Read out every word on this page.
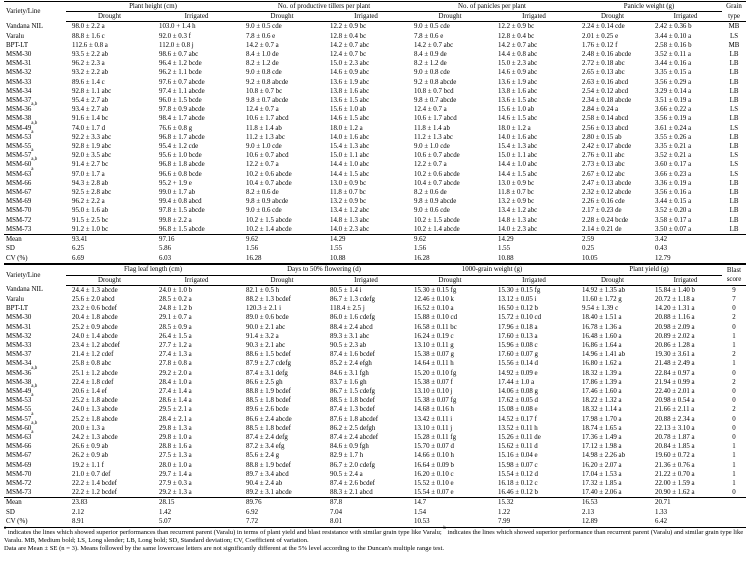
Variety/Line	Plant height (cm)		No. of productive tillers per plant		No. of panicles per plant		Panicle weight (g)		Grain
	Drought	Irrigated	Drought	Irrigated	Drought	Irrigated	Drought	Irrigated	type
Vandana NIL	98.0 ± 2.2 a	103.0 + 1.4 h	9.0 ± 0.5 cde	12.2 ± 0.9 bc	9.0 ± 0.5 cde	12.2 ± 0.9 bc	2.24 ± 0.14 cde	2.42 ± 0.36 b	MB
Varalu	88.8 ± 1.6 c	92.0 ± 0.3 f	7.8 ± 0.6 e	12.8 ± 0.4 bc	7.8 ± 0.6 e	12.8 ± 0.4 bc	2.01 ± 0.25 e	3.44 ± 0.10 a	LS
BPT-LT	112.6 ± 0.8 a	112.0 ± 0.8 j	14.2 ± 0.7 a	14.2 ± 0.7 abc	14.2 ± 0.7 abc	14.2 ± 0.7 abc	1.76 ± 0.12 f	2.58 ± 0.16 b	MB
MSM-30	93.5 ± 2.2 ab	98.6 ± 0.7 abc	8.4 ± 1.0 de	12.4 ± 0.7 bc	8.4 ± 0.9 de	14.4 ± 0.8 abc	2.48 ± 0.16 abcde	3.52 ± 0.11 a	LB
MSM-31	96.2 ± 2.3 a	96.4 ± 1.2 bcde	8.2 ± 1.2 de	15.0 ± 2.3 abc	8.2 ± 1.2 de	15.0 ± 2.3 abc	2.72 ± 0.18 abc	3.44 ± 0.16 a	LB
MSM-32	93.2 ± 2.2 ab	96.2 ± 1.1 bcde	9.0 ± 0.8 cde	14.6 ± 0.9 abc	9.0 ± 0.8 cde	14.6 ± 0.9 abc	2.65 ± 0.13 abc	3.35 ± 0.15 a	LB
MSM-33	89.6 ± 1.4 c	97.6 ± 0.7 abcde	9.2 ± 0.8 abcde	13.6 ± 1.9 abc	9.2 ± 0.8 abcde	13.6 ± 1.9 abc	2.63 ± 0.16 abcd	3.56 ± 0.29 a	LB
MSM-34	92.8 ± 1.1 abc	97.4 ± 1.1 abcde	10.8 ± 0.7 bc	13.8 ± 1.6 abc	10.8 ± 0.7 bcd	13.8 ± 1.6 abc	2.54 ± 0.12 abcd	3.29 ± 0.14 a	LB
MSM-37	95.4 ± 2.7 ab	96.0 ± 1.5 bcde	9.8 ± 0.7 abcde	13.6 ± 1.5 abc	9.8 ± 0.7 abcde	13.6 ± 1.5 abc	2.34 ± 0.18 abcde	3.51 ± 0.19 a	LB
MSM-36$^{a,b}$	93.4 ± 2.7 ab	97.8 ± 0.9 abcde	12.4 ± 0.7 a	15.6 ± 1.0 ab	12.4 ± 0.7 a	15.6 ± 1.0 ab	2.84 ± 0.24 a	3.66 ± 0.22 a	LS
MSM-38	91.6 ± 1.4 bc	98.4 ± 1.7 abcde	10.6 ± 1.7 abcd	14.6 ± 1.5 abc	10.6 ± 1.7 abcd	14.6 ± 1.5 abc	2.58 ± 0.14 abcd	3.56 ± 0.19 a	LB
MSM-49$^{a,b}$	74.0 ± 1.7 d	76.6 ± 0.8 g	11.8 ± 1.4 ab	18.0 ± 1.2 a	11.8 ± 1.4 ab	18.0 ± 1.2 a	2.56 ± 0.13 abcd	3.61 ± 0.24 a	LS
MSM-53$^a$	92.2 ± 3.3 abc	96.8 ± 1.7 abcde	11.2 ± 1.3 abc	14.0 ± 1.6 abc	11.2 ± 1.3 abc	14.0 ± 1.6 abc	2.80 ± 0.15 ab	3.55 ± 0.26 a	LB
MSM-55	92.8 ± 1.9 abc	95.4 ± 1.2 cde	9.0 ± 1.0 cde	15.4 ± 1.3 abc	9.0 ± 1.0 cde	15.4 ± 1.3 abc	2.42 ± 0.17 abcde	3.35 ± 0.21 a	LB
MSM-57$^a$	92.0 ± 3.5 abc	95.6 ± 1.0 bcde	10.6 ± 0.7 abcd	15.0 ± 1.1 abc	10.6 ± 0.7 abcde	15.0 ± 1.1 abc	2.76 ± 0.11 abc	3.52 ± 0.21 a	LS
MSM-60$^{a,b}$	91.4 ± 2.7 bc	96.8 ± 1.8 abcde	12.2 ± 0.7 a	14.4 ± 1.0 abc	12.2 ± 0.7 a	14.4 ± 1.0 abc	2.73 ± 0.13 abc	3.60 ± 0.17 a	LS
MSM-63$^a$	97.0 ± 1.7 a	96.6 ± 0.8 bcde	10.2 ± 0.6 abcde	14.4 ± 1.5 abc	10.2 ± 0.6 abcde	14.4 ± 1.5 abc	2.67 ± 0.12 abc	3.66 ± 0.23 a	LS
MSM-66	94.3 ± 2.8 ab	95.2 + 1.9 e	10.4 ± 0.7 abcde	13.0 ± 0.9 bc	10.4 ± 0.7 abcde	13.0 ± 0.9 bc	2.47 ± 0.13 abcde	3.36 ± 0.19 a	LB
MSM-67	92.5 ± 2.8 abc	99.0 ± 1.7 ab	8.2 ± 0.6 de	11.8 ± 0.7 bc	8.2 ± 0.6 de	11.8 ± 0.7 bc	2.32 ± 0.12 abcde	3.56 ± 0.16 a	LB
MSM-69	96.2 ± 2.2 a	99.4 ± 0.8 abcd	9.8 ± 0.9 abcde	13.2 ± 0.9 bc	9.8 ± 0.9 abcde	13.2 ± 0.9 bc	2.26 ± 0.16 cde	3.44 ± 0.15 a	LB
MSM-70	95.0 ± 1.6 ab	97.8 ± 1.5 abcde	9.0 ± 0.6 cde	13.4 ± 1.2 abc	9.0 ± 0.6 cde	13.4 ± 1.2 abc	2.17 ± 0.23 de	3.52 ± 0.20 a	LB
MSM-72	91.5 ± 2.5 bc	99.8 ± 2.2 a	10.2 ± 1.5 abcde	14.8 ± 1.3 abc	10.2 ± 1.5 abcde	14.8 ± 1.3 abc	2.28 ± 0.24 bcde	3.58 ± 0.17 a	LB
MSM-73	91.2 ± 1.0 bc	96.8 ± 1.5 abcde	10.2 ± 1.4 abcde	14.0 ± 2.3 abc	10.2 ± 1.4 abcde	14.0 ± 2.3 abc	2.14 ± 0.21 de	3.50 ± 0.07 a	LB
Mean	93.41	97.16	9.62	14.29	9.62	14.29	2.59	3.42	
SD	6.25	5.86	1.56	1.55	1.56	1.55	0.25	0.43	
CV (%)	6.69	6.03	16.28	10.88	16.28	10.88	10.05	12.79	
Variety/Line	Flag leaf length (cm)		Days to 50% flowering (d)		1000-grain weight (g)		Plant yield (g)		Blast
	Drought	Irrigated	Drought	Irrigated	Drought	Irrigated	Drought	Irrigated	score
Vandana NIL	24.4 ± 1.3 abcde	24.0 ± 1.0 b	82.1 ± 0.5 h	80.5 ± 1.4 i	15.30 ± 0.15 fg	15.30 ± 0.15 fg	14.92 ± 1.35 ab	15.84 ± 1.40 b	9
Varalu	25.6 ± 2.0 abcd	28.5 ± 0.2 a	88.2 ± 1.3 bcdef	86.7 ± 1.3 cdefg	12.46 ± 0.10 k	13.12 ± 0.05 i	11.60 ± 1.72 g	20.72 ± 1.18 a	7
BPT-LT	23.2 ± 0.6 bcdef	24.8 ± 1.2 b	120.3 ± 2.1 i	118.4 ± 2.5 j	16.52 ± 0.10 a	16.50 ± 0.12 b	9.54 ± 1.39 c	14.20 ± 1.31 a	0
MSM-30	20.4 ± 1.8 abcde	29.1 ± 0.7 a	89.0 ± 0.6 bcde	86.0 ± 1.6 cdefg	15.88 ± 0.10 cd	15.72 ± 0.10 cd	18.40 ± 1.51 a	20.88 ± 1.16 a	2
MSM-31	25.2 ± 0.9 abcde	28.5 ± 0.9 a	90.0 ± 2.1 abc	88.4 ± 2.4 abcd	16.58 ± 0.11 bc	17.96 ± 0.18 a	16.78 ± 1.36 a	20.98 ± 2.09 a	0
MSM-32	24.0 ± 1.4 abcde	26.4 ± 1.5 a	91.4 ± 3.2 a	89.3 ± 3.1 abc	16.24 ± 0.19 c	17.60 ± 0.13 a	16.48 ± 1.60 a	20.89 ± 2.02 a	1
MSM-33	23.4 ± 1.2 abcdef	27.7 ± 1.2 a	90.3 ± 2.1 abc	90.5 ± 2.3 ab	13.10 ± 0.11 g	15.96 ± 0.08 c	16.86 ± 1.64 a	20.86 ± 1.28 a	1
MSM-37	21.4 ± 1.2 cdef	27.4 ± 1.3 a	88.6 ± 1.5 bcdef	87.4 ± 1.6 bcdef	15.38 ± 0.07 g	17.60 ± 0.07 g	14.96 ± 1.41 ab	19.30 ± 3.61 a	2
MSM-34	25.8 ± 0.8 abc	27.8 ± 0.8 a	87.9 ± 2.7 cdefg	85.2 ± 2.4 efgh	14.64 ± 0.11 h	15.56 ± 0.14 d	16.80 ± 1.62 a	21.48 ± 2.49 a	1
MSM-36$^{a,b}$	25.1 ± 1.2 abcde	29.2 ± 2.0 a	87.4 ± 3.1 defg	84.6 ± 3.1 fgh	15.20 ± 0.10 fg	14.92 ± 0.09 e	18.32 ± 1.39 a	22.84 ± 0.97 a	0
MSM-38	22.4 ± 1.8 cdef	28.4 ± 1.0 a	86.6 ± 2.5 gh	83.7 ± 1.6 gh	15.38 ± 0.07 f	17.44 ± 1.0 a	17.86 ± 1.39 a	21.94 ± 0.99 a	2
MSM-49$^{a,b}$	20.6 ± 1.4 ef	27.4 ± 1.4 a	88.8 ± 1.9 bcdef	86.7 ± 1.5 cdefg	13.10 ± 0.10 j	14.06 ± 0.08 g	17.46 ± 1.60 a	22.40 ± 2.01 a	0
MSM-53$^a$	25.2 ± 1.8 abcde	28.6 ± 1.4 a	88.5 ± 1.8 bcdef	88.5 ± 1.8 bcdef	15.38 ± 0.07 fg	17.62 ± 0.05 d	18.22 ± 1.32 a	20.98 ± 0.54 a	0
MSM-55	24.0 ± 1.3 abcde	29.5 ± 2.1 a	89.6 ± 2.6 bcde	87.4 ± 1.3 bcdef	14.68 ± 0.16 h	15.08 ± 0.08 e	18.32 ± 1.14 a	21.66 ± 2.11 a	2
MSM-57$^a$	25.2 ± 1.8 abcde	28.4 ± 2.1 a	86.6 ± 2.4 abcde	87.6 ± 1.8 abcdef	13.42 ± 0.11 i	14.52 ± 0.17 f	17.98 ± 1.70 a	20.88 ± 2.34 a	0
MSM-60$^{a,b}$	20.0 ± 1.3 a	29.8 ± 1.3 a	88.5 ± 1.8 bcdef	86.2 ± 2.5 defgh	13.10 ± 0.11 j	13.52 ± 0.11 h	18.74 ± 1.65 a	22.13 ± 3.10 a	0
MSM-63$^a$	24.2 ± 1.3 abcde	29.8 ± 1.0 a	87.4 ± 2.4 defg	87.4 ± 2.4 abcdef	15.28 ± 0.11 fg	15.26 ± 0.11 de	17.36 ± 1.49 a	20.78 ± 1.87 a	0
MSM-66	26.6 ± 0.9 ab	28.8 ± 1.6 a	87.2 ± 3.4 efg	84.6 ± 0.9 fgh	15.70 ± 0.07 d	15.62 ± 0.11 d	17.12 ± 1.98 a	20.84 ± 1.85 a	1
MSM-67	26.2 ± 0.9 ab	27.5 ± 1.3 a	85.6 ± 2.4 g	82.9 ± 1.7 h	14.66 ± 0.10 h	15.16 ± 0.04 e	14.98 ± 2.26 ab	19.60 ± 0.72 a	1
MSM-69	19.2 ± 1.1 f	28.0 ± 1.0 a	88.8 ± 1.9 bcdef	86.7 ± 2.0 cdefg	16.64 ± 0.09 b	15.98 ± 0.07 c	16.20 ± 2.07 a	21.36 ± 0.76 a	1
MSM-70	21.0 ± 0.7 def	29.7 ± 1.4 a	89.7 ± 3.4 abcd	90.5 ± 2.4 a	16.20 ± 0.10 c	15.54 ± 0.12 d	17.04 ± 1.53 a	21.22 ± 0.70 a	1
MSM-72	22.2 ± 1.4 bcdef	27.9 ± 0.3 a	90.4 ± 2.4 ab	87.4 ± 2.6 bcdef	15.52 ± 0.10 e	16.18 ± 0.12 c	17.32 ± 1.85 a	22.00 ± 1.59 a	1
MSM-73	22.2 ± 1.2 bcdef	29.2 ± 1.3 a	89.2 ± 3.1 abcde	88.3 ± 2.1 abcd	15.54 ± 0.07 e	16.46 ± 0.12 b	17.40 ± 2.06 a	20.90 ± 1.62 a	0
Mean	23.83	28.15	89.76	87.8	14.7	15.32	16.53	20.71	
SD	2.12	1.42	6.92	7.04	1.54	1.22	2.13	1.33	
CV (%)	8.91	5.07	7.72	8.01	10.53	7.99	12.89	6.42	

$^a$ indicates the lines which showed superior performances than recurrent parent (Varalu) in terms of plant yield and blast resistance with similar grain type like Varalu; $^b$ indicates the lines which showed superior performance than recurrent parent (Varalu) and similar grain type like Varalu. MB, Medium bold; LS, Long slender; LB, Long bold; SD, Standard deviation; CV, Coefficient of variation.

Data are Mean ± SE (n = 3). Means followed by the same lowercase letters are not significantly different at the 5% level according to the Duncan's multiple range test.
